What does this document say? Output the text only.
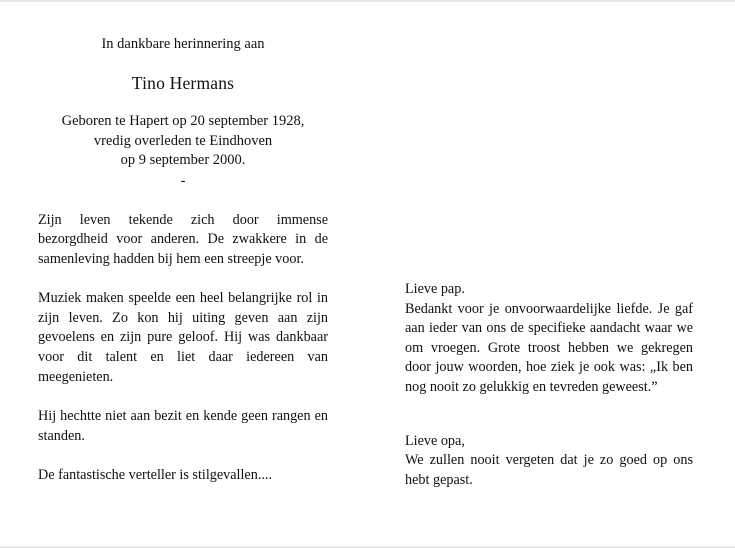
In dankbare herinnering aan
Tino Hermans
Geboren te Hapert op 20 september 1928,
vredig overleden te Eindhoven
op 9 september 2000.
-

Zijn leven tekende zich door immense bezorgdheid voor anderen. De zwakkere in de samenleving hadden bij hem een streepje voor.

Muziek maken speelde een heel belangrijke rol in zijn leven. Zo kon hij uiting geven aan zijn gevoelens en zijn pure geloof. Hij was dankbaar voor dit talent en liet daar iedereen van meegenieten.

Hij hechtte niet aan bezit en kende geen rangen en standen.

De fantastische verteller is stilgevallen....

Lieve pap.

Bedankt voor je onvoorwaardelijke liefde. Je gaf aan ieder van ons de specifieke aandacht waar we om vroegen. Grote troost hebben we gekregen door jouw woorden, hoe ziek je ook was: „Ik ben nog nooit zo gelukkig en tevreden geweest.”

Lieve opa,

We zullen nooit vergeten dat je zo goed op ons hebt gepast.
